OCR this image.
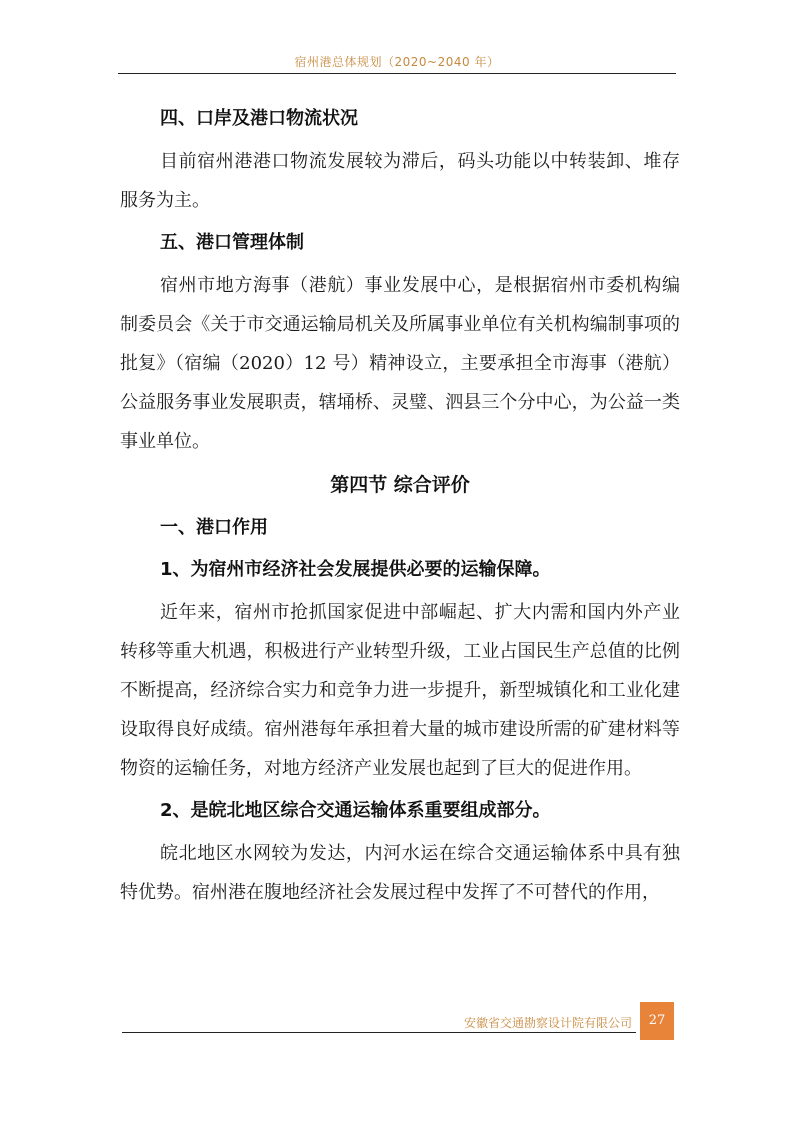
宿州港总体规划（2020~2040 年）
四、口岸及港口物流状况

目前宿州港港口物流发展较为滞后，码头功能以中转装卸、堆存服务为主。

五、港口管理体制

宿州市地方海事（港航）事业发展中心，是根据宿州市委机构编制委员会《关于市交通运输局机关及所属事业单位有关机构编制事项的批复》（宿编（2020）12 号）精神设立，主要承担全市海事（港航）公益服务事业发展职责，辖埇桥、灵璧、泗县三个分中心，为公益一类事业单位。

第四节 综合评价
一、港口作用
1、为宿州市经济社会发展提供必要的运输保障。

近年来，宿州市抢抓国家促进中部崛起、扩大内需和国内外产业转移等重大机遇，积极进行产业转型升级，工业占国民生产总值的比例不断提高，经济综合实力和竞争力进一步提升，新型城镇化和工业化建设取得良好成绩。宿州港每年承担着大量的城市建设所需的矿建材料等物资的运输任务，对地方经济产业发展也起到了巨大的促进作用。

2、是皖北地区综合交通运输体系重要组成部分。

皖北地区水网较为发达，内河水运在综合交通运输体系中具有独特优势。宿州港在腹地经济社会发展过程中发挥了不可替代的作用，

安徽省交通勘察设计院有限公司	27
